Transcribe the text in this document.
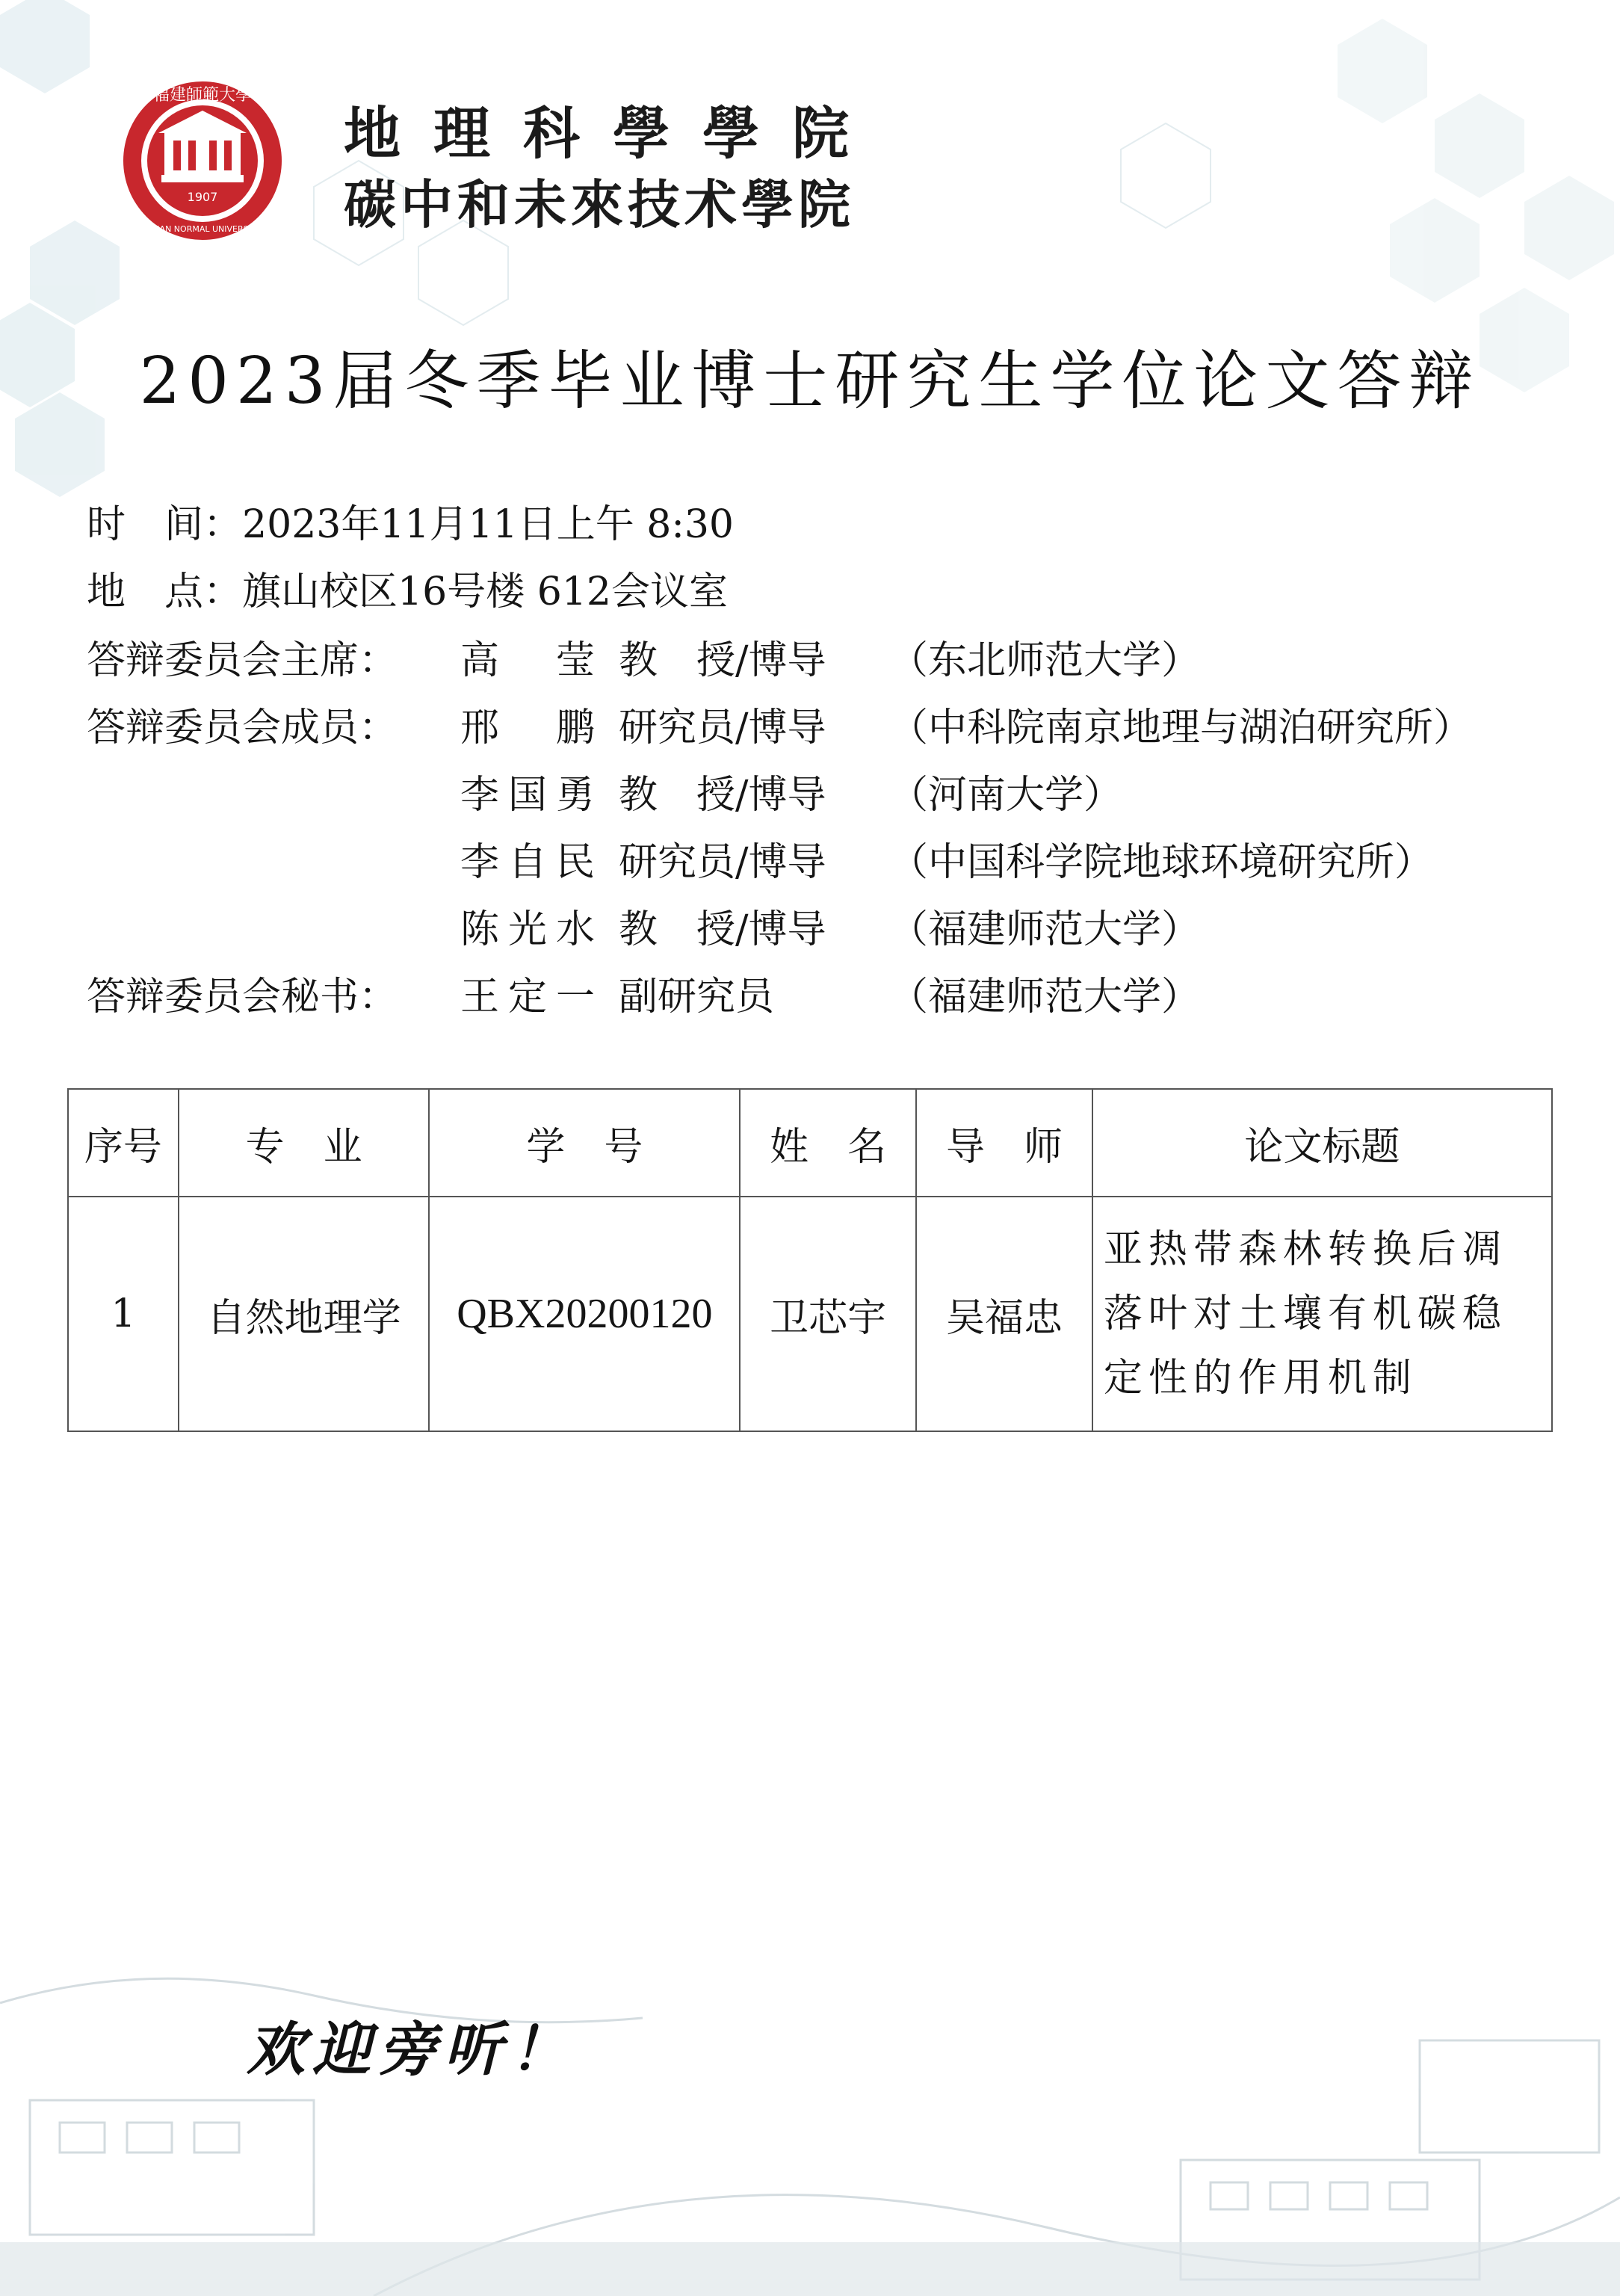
1907
福建師範大學
FUJIAN NORMAL UNIVERSITY
地理科學學院
碳中和未來技术學院
2023届冬季毕业博士研究生学位论文答辩
时　间：2023年11月11日上午 8:30
地　点：旗山校区16号楼 612会议室
答辩委员会主席： 高　莹 教　授/博导 （东北师范大学）
答辩委员会成员： 邢　鹏 研究员/博导 （中科院南京地理与湖泊研究所）
李国勇 教　授/博导 （河南大学）
李自民 研究员/博导 （中国科学院地球环境研究所）
陈光水 教　授/博导 （福建师范大学）
答辩委员会秘书： 王定一 副研究员	（福建师范大学）
序号	专　业	学　号	姓　名	导　师	论文标题
1	自然地理学	QBX20200120	卫芯宇	吴福忠	亚热带森林转换后凋
落叶对土壤有机碳稳
定性的作用机制
欢迎旁听！
